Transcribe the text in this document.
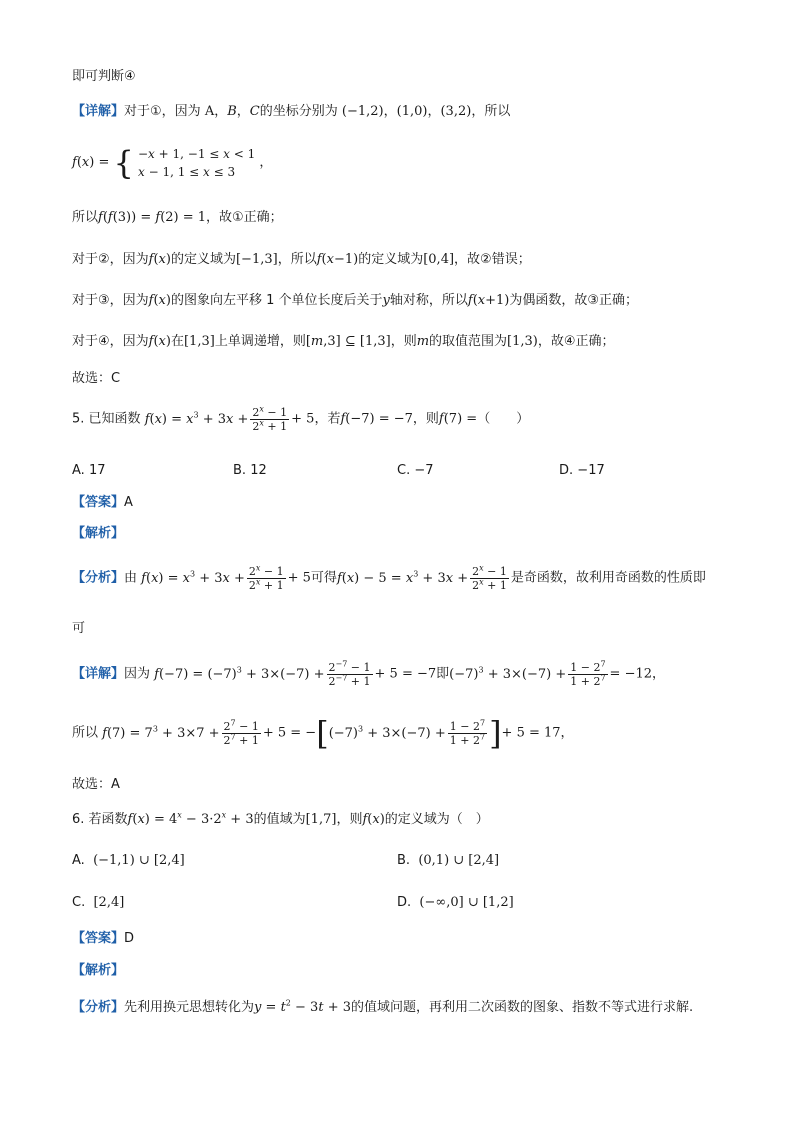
即可判断④
【详解】对于①，因为 A，B，C的坐标分别为 (−1,2)，(1,0)，(3,2)，所以
f(x) = { −x + 1, −1 ≤ x < 1
x − 1, 1 ≤ x ≤ 3 ，
所以f(f(3)) = f(2) = 1，故①正确；
对于②，因为f(x)的定义域为[−1,3]，所以f(x−1)的定义域为[0,4]，故②错误；
对于③，因为f(x)的图象向左平移 1 个单位长度后关于y轴对称，所以f(x+1)为偶函数，故③正确；
对于④，因为f(x)在[1,3]上单调递增，则[m,3] ⊆ [1,3]，则m的取值范围为[1,3)，故④正确；
故选：C
5. 已知函数 $f(x) = x^3 + 3x + \frac{2^x - 1}{2^x + 1} + 5$，若f(−7) = −7，则f(7) =（　　）
A. 17	B. 12	C. −7	D. −17
【答案】A
【解析】
【分析】由 $f(x) = x^3 + 3x + \frac{2^x - 1}{2^x + 1} + 5$可得$f(x) - 5 = x^3 + 3x + \frac{2^x - 1}{2^x + 1}$ 是奇函数，故利用奇函数的性质即
可
【详解】因为 $f(-7) = (-7)^3 + 3\times(-7) + \frac{2^{-7} - 1}{2^{-7} + 1} + 5 = -7$即$(-7)^3 + 3\times(-7) + \frac{1 - 2^7}{1 + 2^7} = -12$，
所以 $f(7) = 7^3 + 3\times 7 + \frac{2^7 - 1}{2^7 + 1} + 5 = -[(-7)^3 + 3\times(-7) + \frac{1 - 2^7}{1 + 2^7}$ ]+ 5 = 17，
故选：A
6. 若函数$f(x) = 4^x - 3\cdot 2^x + 3$的值域为[1,7]，则f(x)的定义域为（　）
A. (−1,1) ∪ [2,4]	B. (0,1) ∪ [2,4]
C. [2,4]	D. (−∞,0] ∪ [1,2]
【答案】D
【解析】
【分析】先利用换元思想转化为$y = t^2 - 3t + 3$的值域问题，再利用二次函数的图象、指数不等式进行求解.
